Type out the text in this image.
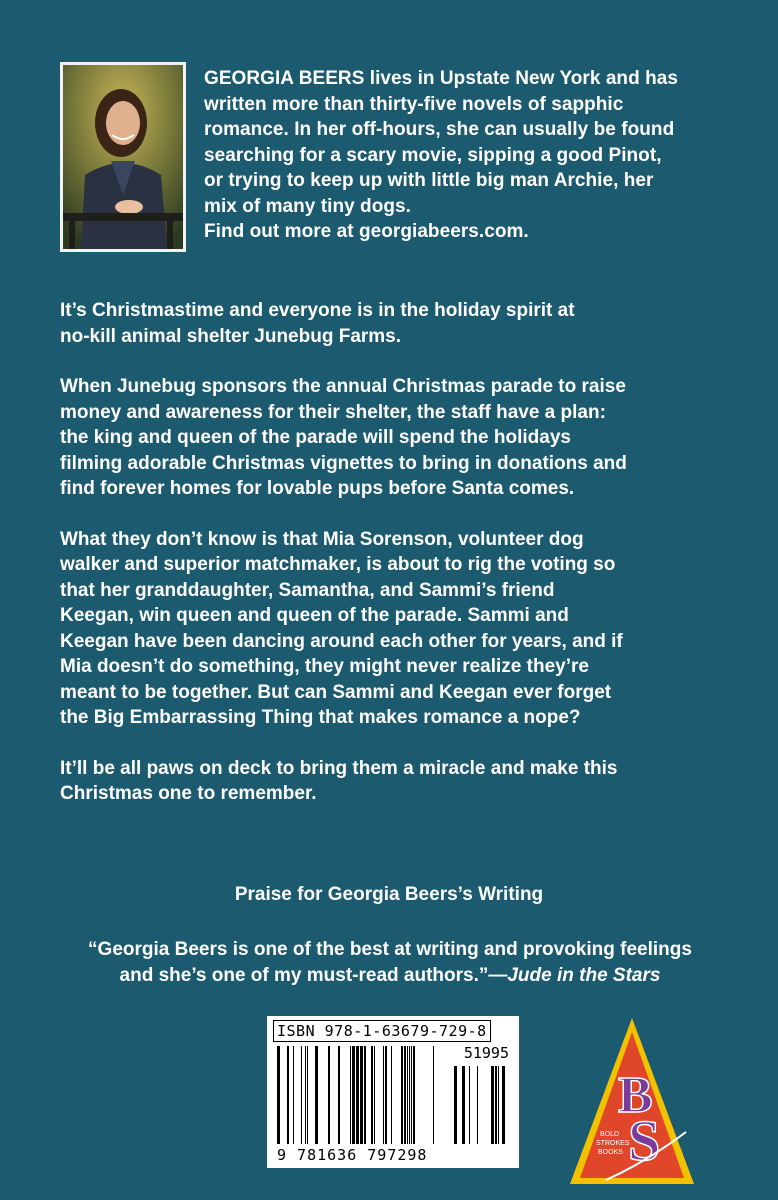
GEORGIA BEERS lives in Upstate New York and has

written more than thirty-five novels of sapphic

romance. In her off-hours, she can usually be found

searching for a scary movie, sipping a good Pinot,

or trying to keep up with little big man Archie, her

mix of many tiny dogs.

Find out more at georgiabeers.com.

It’s Christmastime and everyone is in the holiday spirit at
no-kill animal shelter Junebug Farms.

When Junebug sponsors the annual Christmas parade to raise
money and awareness for their shelter, the staff have a plan:
the king and queen of the parade will spend the holidays
filming adorable Christmas vignettes to bring in donations and
find forever homes for lovable pups before Santa comes.

What they don’t know is that Mia Sorenson, volunteer dog
walker and superior matchmaker, is about to rig the voting so
that her granddaughter, Samantha, and Sammi’s friend
Keegan, win queen and queen of the parade. Sammi and
Keegan have been dancing around each other for years, and if
Mia doesn’t do something, they might never realize they’re
meant to be together. But can Sammi and Keegan ever forget
the Big Embarrassing Thing that makes romance a nope?

It’ll be all paws on deck to bring them a miracle and make this
Christmas one to remember.

Praise for Georgia Beers’s Writing
“Georgia Beers is one of the best at writing and provoking feelings
and she’s one of my must-read authors.”—Jude in the Stars
ISBN 978-1-63679-729-8
51995
9 781636 797298
B
S
BOLD
STROKES
BOOKS
